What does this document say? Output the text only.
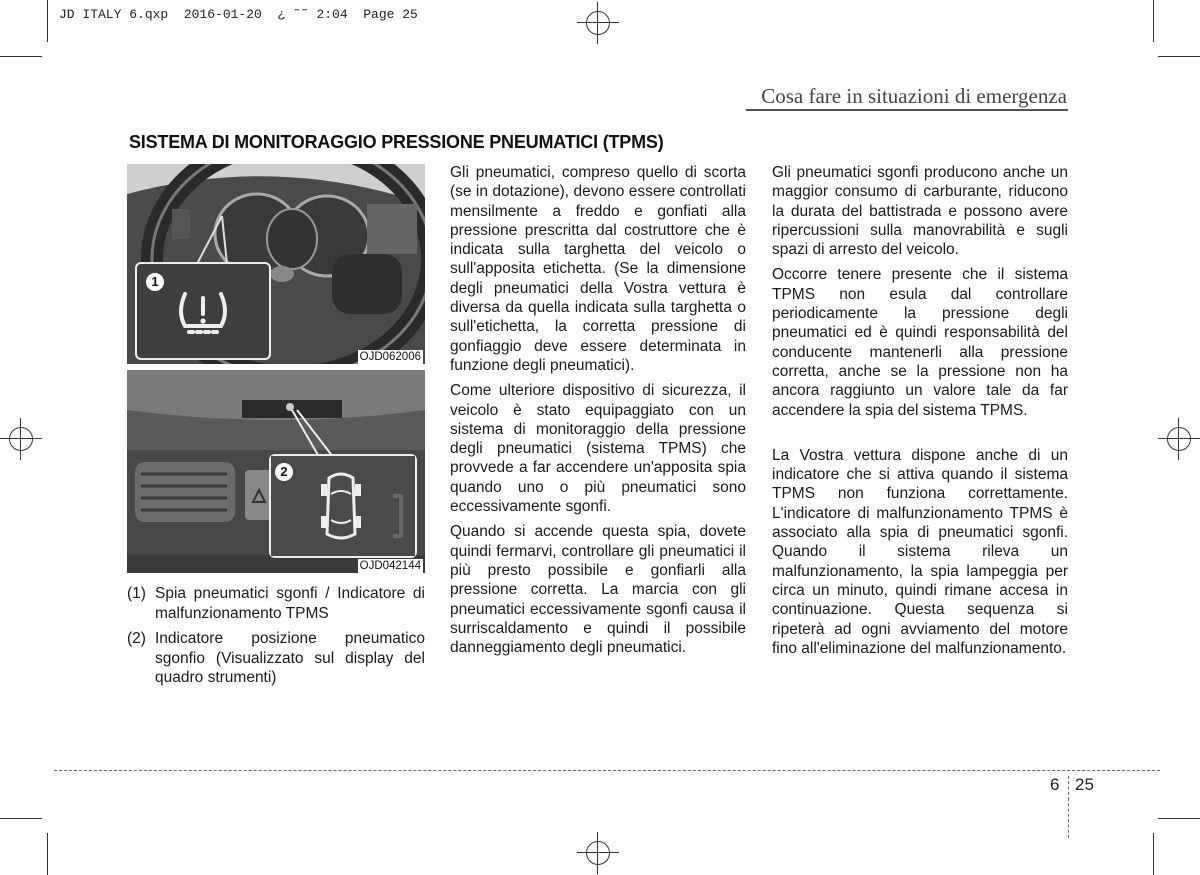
JD ITALY 6.qxp  2016-01-20  ¿ ˜˜ 2:04  Page 25
Cosa fare in situazioni di emergenza
SISTEMA DI MONITORAGGIO PRESSIONE PNEUMATICI (TPMS)
1
OJD062006
2
OJD042144
(1) Spia pneumatici sgonfi / Indicatore di malfunzionamento TPMS
(2) Indicatore posizione pneumatico sgonfio (Visualizzato sul display del quadro strumenti)

Gli pneumatici, compreso quello di scorta (se in dotazione), devono essere controllati mensilmente a freddo e gonfiati alla pressione prescritta dal costruttore che è indicata sulla targhetta del veicolo o sull'apposita etichetta. (Se la dimensione degli pneumatici della Vostra vettura è diversa da quella indicata sulla targhetta o sull'etichetta, la corretta pressione di gonfiaggio deve essere determinata in funzione degli pneumatici).

Come ulteriore dispositivo di sicurezza, il veicolo è stato equipaggiato con un sistema di monitoraggio della pressione degli pneumatici (sistema TPMS) che provvede a far accendere un'apposita spia quando uno o più pneumatici sono eccessivamente sgonfi.

Quando si accende questa spia, dovete quindi fermarvi, controllare gli pneumatici il più presto possibile e gonfiarli alla pressione corretta. La marcia con gli pneumatici eccessivamente sgonfi causa il surriscaldamento e quindi il possibile danneggiamento degli pneumatici.

Gli pneumatici sgonfi producono anche un maggior consumo di carburante, riducono la durata del battistrada e possono avere ripercussioni sulla manovrabilità e sugli spazi di arresto del veicolo.

Occorre tenere presente che il sistema TPMS non esula dal controllare periodicamente la pressione degli pneumatici ed è quindi responsabilità del conducente mantenerli alla pressione corretta, anche se la pressione non ha ancora raggiunto un valore tale da far accendere la spia del sistema TPMS.

La Vostra vettura dispone anche di un indicatore che si attiva quando il sistema TPMS non funziona correttamente. L'indicatore di malfunzionamento TPMS è associato alla spia di pneumatici sgonfi. Quando il sistema rileva un malfunzionamento, la spia lampeggia per circa un minuto, quindi rimane accesa in continuazione. Questa sequenza si ripeterà ad ogni avviamento del motore fino all'eliminazione del malfunzionamento.

6 25
